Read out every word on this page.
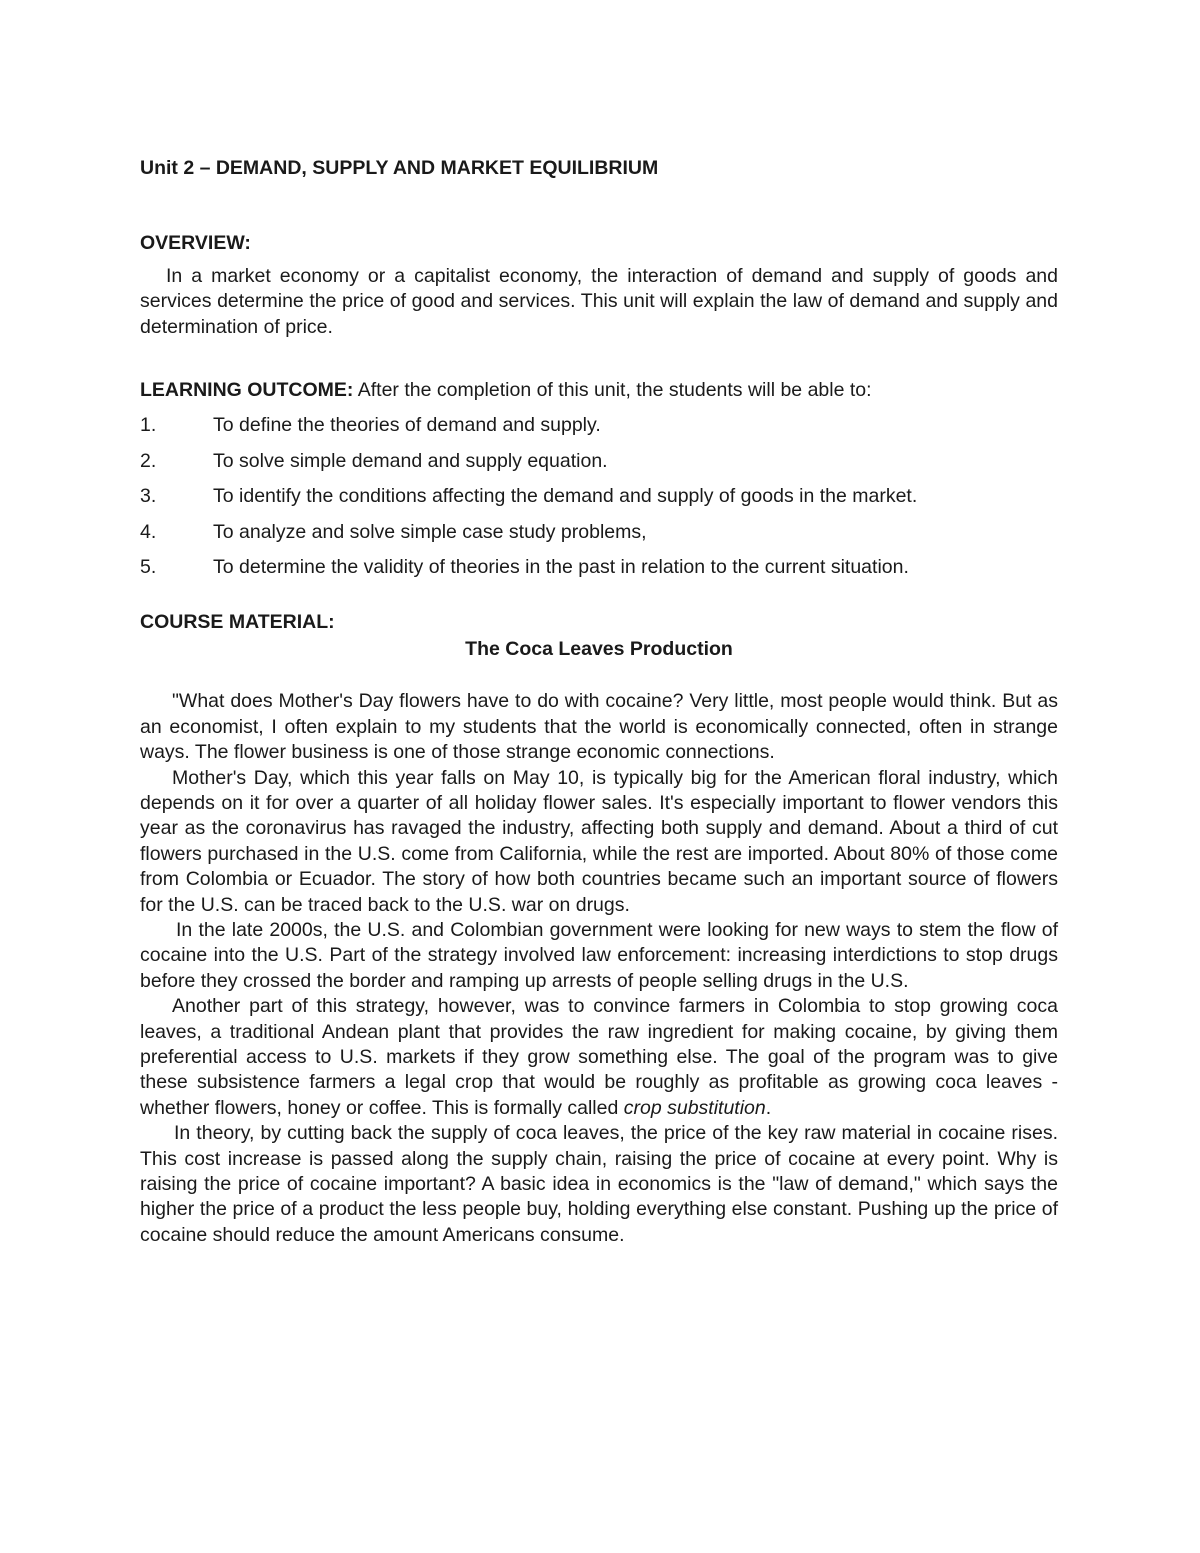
Unit 2 – DEMAND, SUPPLY AND MARKET EQUILIBRIUM

OVERVIEW:

In a market economy or a capitalist economy, the interaction of demand and supply of goods and services determine the price of good and services. This unit will explain the law of demand and supply and determination of price.

LEARNING OUTCOME: After the completion of this unit, the students will be able to:

1.	To define the theories of demand and supply.
2.	To solve simple demand and supply equation.
3.	To identify the conditions affecting the demand and supply of goods in the market.
4.	To analyze and solve simple case study problems,
5.	To determine the validity of theories in the past in relation to the current situation.

COURSE MATERIAL:

The Coca Leaves Production

"What does Mother's Day flowers have to do with cocaine? Very little, most people would think. But as an economist, I often explain to my students that the world is economically connected, often in strange ways. The flower business is one of those strange economic connections.

Mother's Day, which this year falls on May 10, is typically big for the American floral industry, which depends on it for over a quarter of all holiday flower sales. It's especially important to flower vendors this year as the coronavirus has ravaged the industry, affecting both supply and demand. About a third of cut flowers purchased in the U.S. come from California, while the rest are imported. About 80% of those come from Colombia or Ecuador. The story of how both countries became such an important source of flowers for the U.S. can be traced back to the U.S. war on drugs.

In the late 2000s, the U.S. and Colombian government were looking for new ways to stem the flow of cocaine into the U.S. Part of the strategy involved law enforcement: increasing interdictions to stop drugs before they crossed the border and ramping up arrests of people selling drugs in the U.S.

Another part of this strategy, however, was to convince farmers in Colombia to stop growing coca leaves, a traditional Andean plant that provides the raw ingredient for making cocaine, by giving them preferential access to U.S. markets if they grow something else. The goal of the program was to give these subsistence farmers a legal crop that would be roughly as profitable as growing coca leaves - whether flowers, honey or coffee. This is formally called crop substitution.

In theory, by cutting back the supply of coca leaves, the price of the key raw material in cocaine rises. This cost increase is passed along the supply chain, raising the price of cocaine at every point. Why is raising the price of cocaine important? A basic idea in economics is the "law of demand," which says the higher the price of a product the less people buy, holding everything else constant. Pushing up the price of cocaine should reduce the amount Americans consume.
